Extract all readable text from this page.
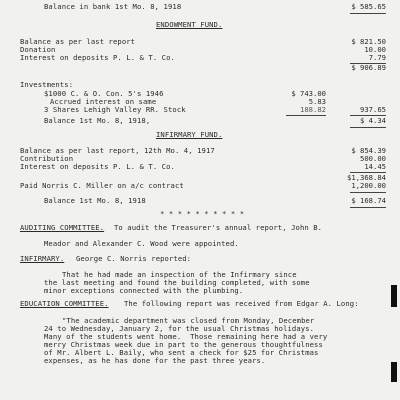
Balance in bank 1st Mo. 8, 1918	$ 585.65
ENDOWMENT FUND.
Balance as per last report	$ 821.50
Donation	10.00
Interest on deposits P. L. & T. Co.	7.79
$ 906.89
Investments:
$1000 C. & O. Con. 5's 1946	$ 743.00
Accrued interest on same	5.83
3 Shares Lehigh Valley RR. Stock	188.82	937.65
Balance 1st Mo. 8, 1918,	$ 4.34
INFIRMARY FUND.
Balance as per last report, 12th Mo. 4, 1917	$ 854.39
Contribution	500.00
Interest on deposits P. L. & T. Co.	14.45
$1,368.84
Paid Norris C. Miller on a/c contract	1,200.00
Balance 1st Mo. 8, 1918	$ 168.74
* * * * * * * * * *
AUDITING COMMITTEE. To audit the Treasurer's annual report, John B.
Meador and Alexander C. Wood were appointed.
INFIRMARY. George C. Norris reported:
That he had made an inspection of the Infirmary since
the last meeting and found the building completed, with some
minor exceptions connected with the plumbing.
EDUCATION COMMITTEE. The following report was received from Edgar A. Long:
"The academic department was closed from Monday, December
24 to Wednesday, January 2, for the usual Christmas holidays.
Many of the students went home.  Those remaining here had a very
merry Christmas week due in part to the generous thoughtfulness
of Mr. Albert L. Baily, who sent a check for $25 for Christmas
expenses, as he has done for the past three years.
